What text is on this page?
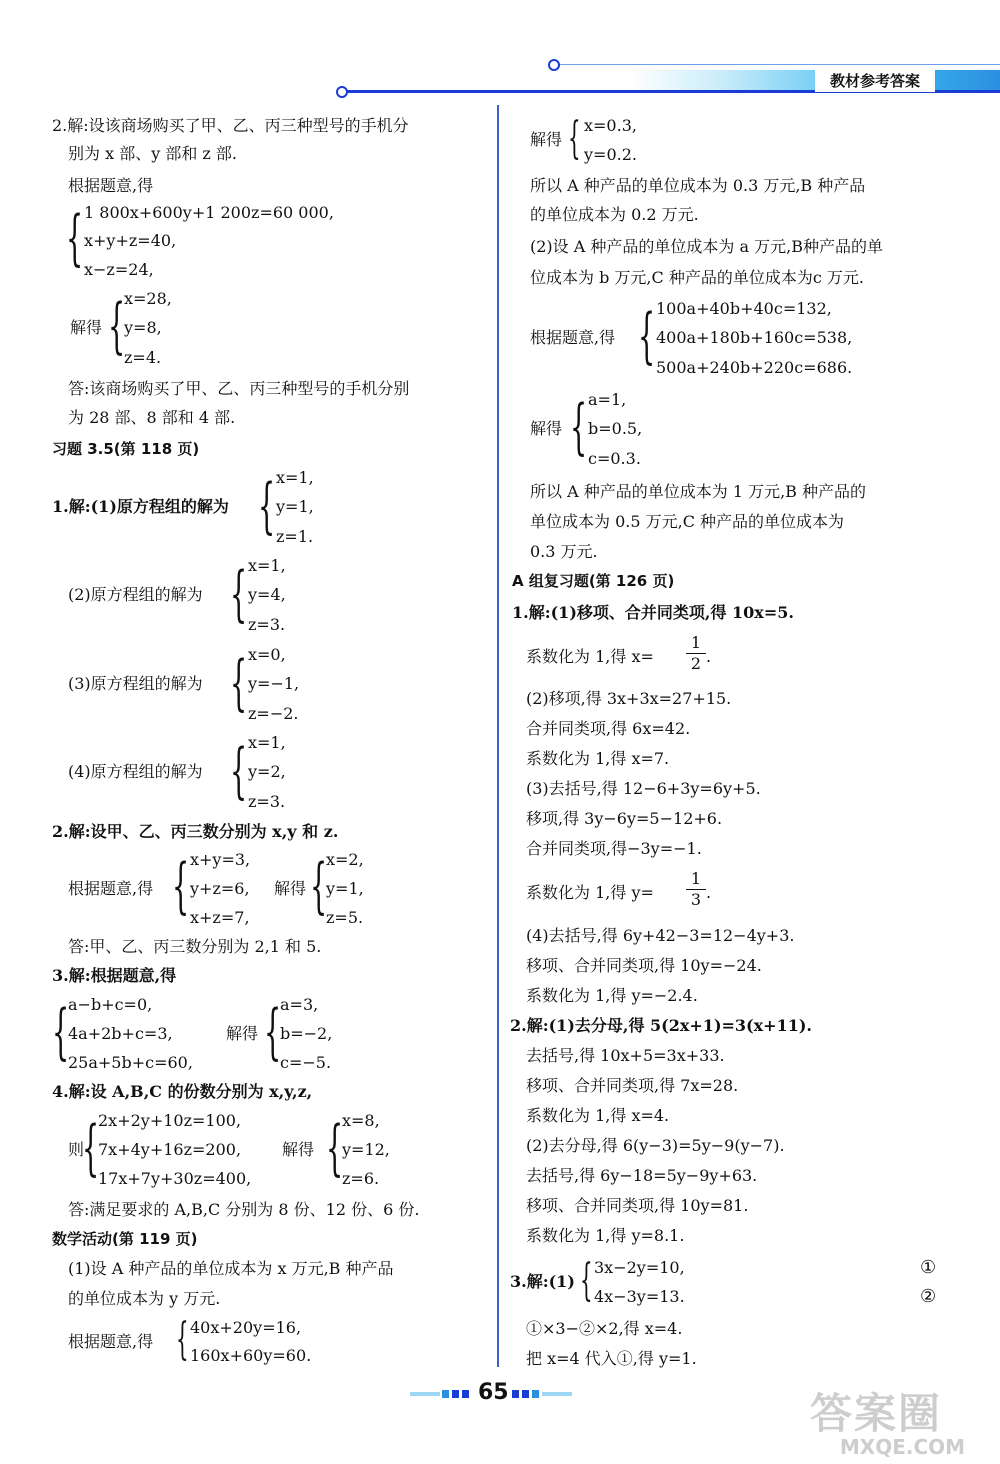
教材参考答案
2.解:设该商场购买了甲、乙、丙三种型号的手机分
别为 x 部、y 部和 z 部.
根据题意,得
{ 1 800x+600y+1 200z=60 000,
x+y+z=40,
x−z=24,
解得 {
x=28,
y=8,
z=4.
答:该商场购买了甲、乙、丙三种型号的手机分别
为 28 部、8 部和 4 部.
习题 3.5(第 118 页)
1.解:(1)原方程组的解为 { x=1,
y=1,
z=1.
(2)原方程组的解为 { x=1,
y=4,
z=3.
(3)原方程组的解为 { x=0,
y=−1,
z=−2.
(4)原方程组的解为 { x=1,
y=2,
z=3.
2.解:设甲、乙、丙三数分别为 x,y 和 z.
根据题意,得 { x+y=3,
y+z=6,
x+z=7,
解得 {
x=2,
y=1,
z=5.
答:甲、乙、丙三数分别为 2,1 和 5.
3.解:根据题意,得
{
a−b+c=0,
4a+2b+c=3,
25a+5b+c=60,
解得 {
a=3,
b=−2,
c=−5.
4.解:设 A,B,C 的份数分别为 x,y,z,
则
{
2x+2y+10z=100,
7x+4y+16z=200,
17x+7y+30z=400,
解得 {
x=8,
y=12,
z=6.
答:满足要求的 A,B,C 分别为 8 份、12 份、6 份.
数学活动(第 119 页)
(1)设 A 种产品的单位成本为 x 万元,B 种产品
的单位成本为 y 万元.
根据题意,得 { 40x+20y=16,
160x+60y=60.
解得 { x=0.3,
y=0.2.
所以 A 种产品的单位成本为 0.3 万元,B 种产品
的单位成本为 0.2 万元.
(2)设 A 种产品的单位成本为 a 万元,B种产品的单
位成本为 b 万元,C 种产品的单位成本为c 万元.
根据题意,得 { 100a+40b+40c=132,
400a+180b+160c=538,
500a+240b+220c=686.
解得 { a=1,
b=0.5,
c=0.3.
所以 A 种产品的单位成本为 1 万元,B 种产品的
单位成本为 0.5 万元,C 种产品的单位成本为
0.3 万元.
A 组复习题(第 126 页)
1.解:(1)移项、合并同类项,得 10x=5.
系数化为 1,得 x=
1
2 .
(2)移项,得 3x+3x=27+15.
合并同类项,得 6x=42.
系数化为 1,得 x=7.
(3)去括号,得 12−6+3y=6y+5.
移项,得 3y−6y=5−12+6.
合并同类项,得−3y=−1.
系数化为 1,得 y=
1
3 .
(4)去括号,得 6y+42−3=12−4y+3.
移项、合并同类项,得 10y=−24.
系数化为 1,得 y=−2.4.
2.解:(1)去分母,得 5(2x+1)=3(x+11).
去括号,得 10x+5=3x+33.
移项、合并同类项,得 7x=28.
系数化为 1,得 x=4.
(2)去分母,得 6(y−3)=5y−9(y−7).
去括号,得 6y−18=5y−9y+63.
移项、合并同类项,得 10y=81.
系数化为 1,得 y=8.1.
3.解:(1) { 3x−2y=10,
4x−3y=13.
①
②
①×3−②×2,得 x=4.
把 x=4 代入①,得 y=1.
65	答案圈
MXQE.COM
